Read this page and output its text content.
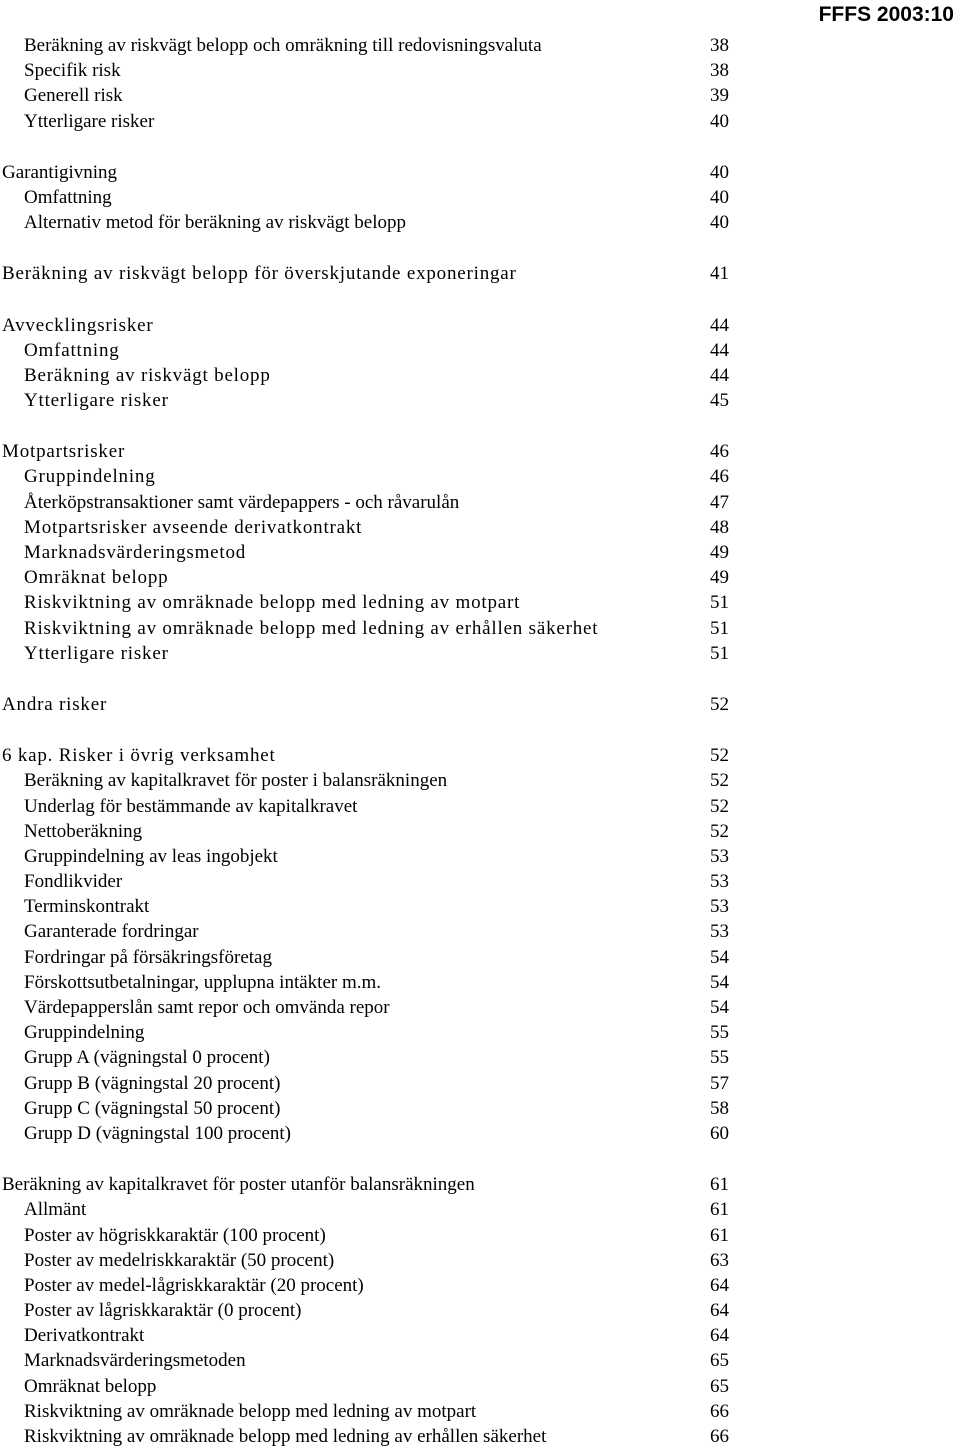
FFFS 2003:10
Beräkning av riskvägt belopp och omräkning till redovisningsvaluta	38
Specifik risk	38
Generell risk	39
Ytterligare risker	40
Garantigivning	40
Omfattning	40
Alternativ metod för beräkning av riskvägt belopp	40
Beräkning av riskvägt belopp för överskjutande exponeringar	41
Avvecklingsrisker	44
Omfattning	44
Beräkning av riskvägt belopp	44
Ytterligare risker	45
Motpartsrisker	46
Gruppindelning	46
Återköpstransaktioner samt värdepappers - och råvarulån	47
Motpartsrisker avseende derivatkontrakt	48
Marknadsvärderingsmetod	49
Omräknat belopp	49
Riskviktning av omräknade belopp med ledning av motpart	51
Riskviktning av omräknade belopp med ledning av erhållen säkerhet	51
Ytterligare risker	51
Andra risker	52
6 kap. Risker i övrig verksamhet	52
Beräkning av kapitalkravet för poster i balansräkningen	52
Underlag för bestämmande av kapitalkravet	52
Nettoberäkning	52
Gruppindelning av leas ingobjekt	53
Fondlikvider	53
Terminskontrakt	53
Garanterade fordringar	53
Fordringar på försäkringsföretag	54
Förskottsutbetalningar, upplupna intäkter m.m.	54
Värdepapperslån samt repor och omvända repor	54
Gruppindelning	55
Grupp A (vägningstal 0 procent)	55
Grupp B (vägningstal 20 procent)	57
Grupp C (vägningstal 50 procent)	58
Grupp D (vägningstal 100 procent)	60
Beräkning av kapitalkravet för poster utanför balansräkningen	61
Allmänt	61
Poster av högriskkaraktär (100 procent)	61
Poster av medelriskkaraktär (50 procent)	63
Poster av medel-lågriskkaraktär (20 procent)	64
Poster av lågriskkaraktär (0 procent)	64
Derivatkontrakt	64
Marknadsvärderingsmetoden	65
Omräknat belopp	65
Riskviktning av omräknade belopp med ledning av motpart	66
Riskviktning av omräknade belopp med ledning av erhållen säkerhet	66
